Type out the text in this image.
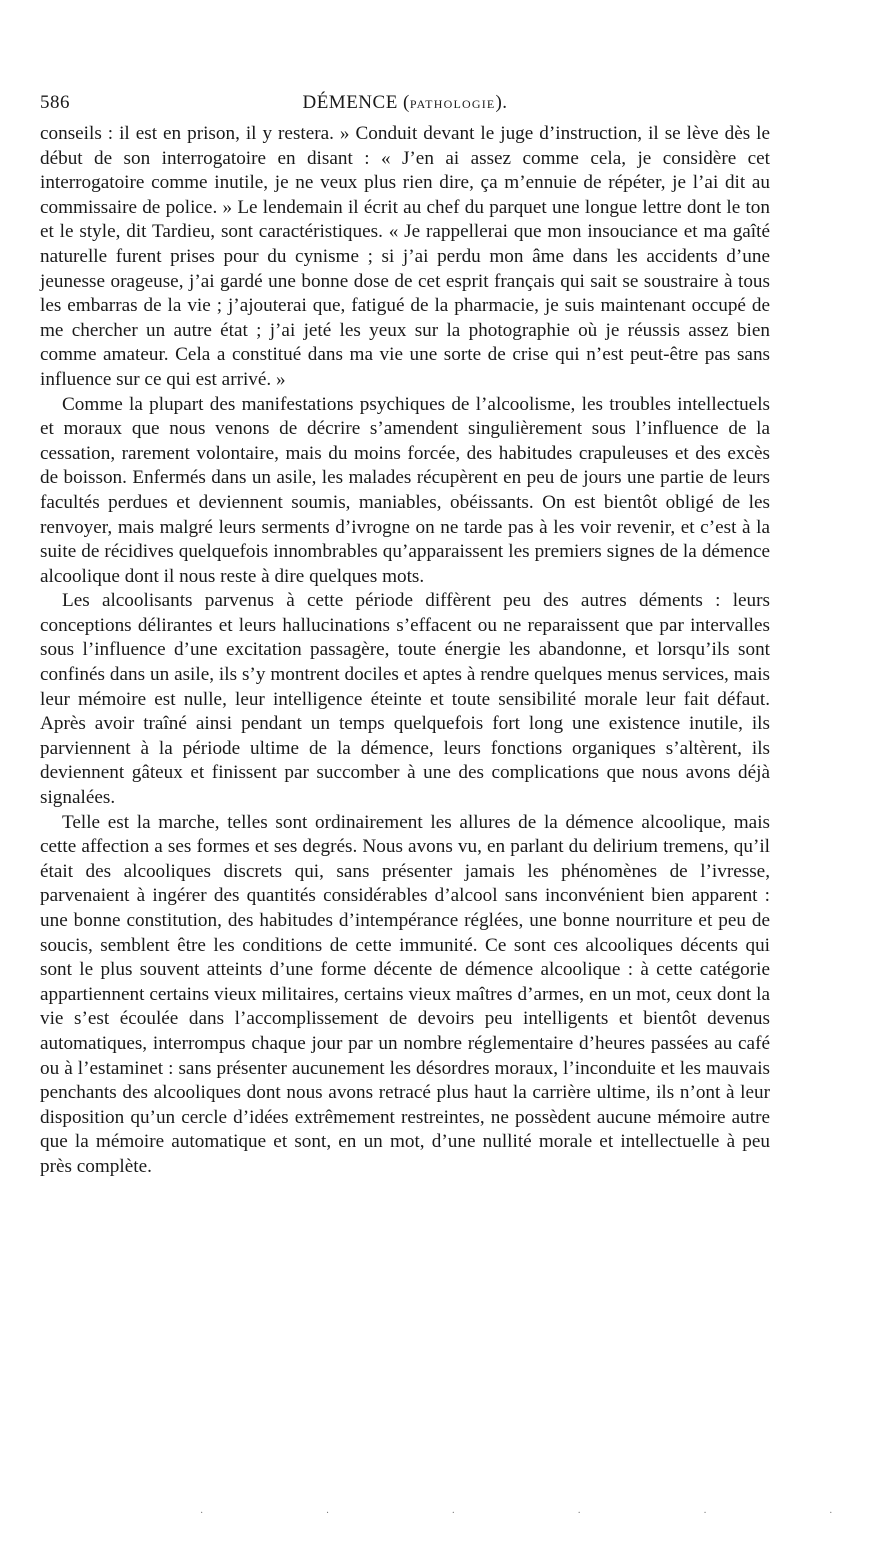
586	DÉMENCE (PATHOLOGIE).

conseils : il est en prison, il y restera. » Conduit devant le juge d’instruction, il se lève dès le début de son interrogatoire en disant : « J’en ai assez comme cela, je considère cet interrogatoire comme inutile, je ne veux plus rien dire, ça m’ennuie de répéter, je l’ai dit au commissaire de police. » Le lendemain il écrit au chef du parquet une longue lettre dont le ton et le style, dit Tardieu, sont caractéristiques. « Je rappellerai que mon insouciance et ma gaîté naturelle furent prises pour du cynisme ; si j’ai perdu mon âme dans les accidents d’une jeunesse orageuse, j’ai gardé une bonne dose de cet esprit français qui sait se soustraire à tous les embarras de la vie ; j’ajouterai que, fatigué de la pharmacie, je suis maintenant occupé de me chercher un autre état ; j’ai jeté les yeux sur la photographie où je réussis assez bien comme amateur. Cela a constitué dans ma vie une sorte de crise qui n’est peut-être pas sans influence sur ce qui est arrivé. »

Comme la plupart des manifestations psychiques de l’alcoolisme, les troubles intellectuels et moraux que nous venons de décrire s’amendent singulièrement sous l’influence de la cessation, rarement volontaire, mais du moins forcée, des habitudes crapuleuses et des excès de boisson. Enfermés dans un asile, les malades récupèrent en peu de jours une partie de leurs facultés perdues et deviennent soumis, maniables, obéissants. On est bientôt obligé de les renvoyer, mais malgré leurs serments d’ivrogne on ne tarde pas à les voir revenir, et c’est à la suite de récidives quelquefois innombrables qu’apparaissent les premiers signes de la démence alcoolique dont il nous reste à dire quelques mots.

Les alcoolisants parvenus à cette période diffèrent peu des autres déments : leurs conceptions délirantes et leurs hallucinations s’effacent ou ne reparaissent que par intervalles sous l’influence d’une excitation passagère, toute énergie les abandonne, et lorsqu’ils sont confinés dans un asile, ils s’y montrent dociles et aptes à rendre quelques menus services, mais leur mémoire est nulle, leur intelligence éteinte et toute sensibilité morale leur fait défaut. Après avoir traîné ainsi pendant un temps quelquefois fort long une existence inutile, ils parviennent à la période ultime de la démence, leurs fonctions organiques s’altèrent, ils deviennent gâteux et finissent par succomber à une des complications que nous avons déjà signalées.

Telle est la marche, telles sont ordinairement les allures de la démence alcoolique, mais cette affection a ses formes et ses degrés. Nous avons vu, en parlant du delirium tremens, qu’il était des alcooliques discrets qui, sans présenter jamais les phénomènes de l’ivresse, parvenaient à ingérer des quantités considérables d’alcool sans inconvénient bien apparent : une bonne constitution, des habitudes d’intempérance réglées, une bonne nourriture et peu de soucis, semblent être les conditions de cette immunité. Ce sont ces alcooliques décents qui sont le plus souvent atteints d’une forme décente de démence alcoolique : à cette catégorie appartiennent certains vieux militaires, certains vieux maîtres d’armes, en un mot, ceux dont la vie s’est écoulée dans l’accomplissement de devoirs peu intelligents et bientôt devenus automatiques, interrompus chaque jour par un nombre réglementaire d’heures passées au café ou à l’estaminet : sans présenter aucunement les désordres moraux, l’inconduite et les mauvais penchants des alcooliques dont nous avons retracé plus haut la carrière ultime, ils n’ont à leur disposition qu’un cercle d’idées extrêmement restreintes, ne possèdent aucune mémoire autre que la mémoire automatique et sont, en un mot, d’une nullité morale et intellectuelle à peu près complète.

· · · · · ·
